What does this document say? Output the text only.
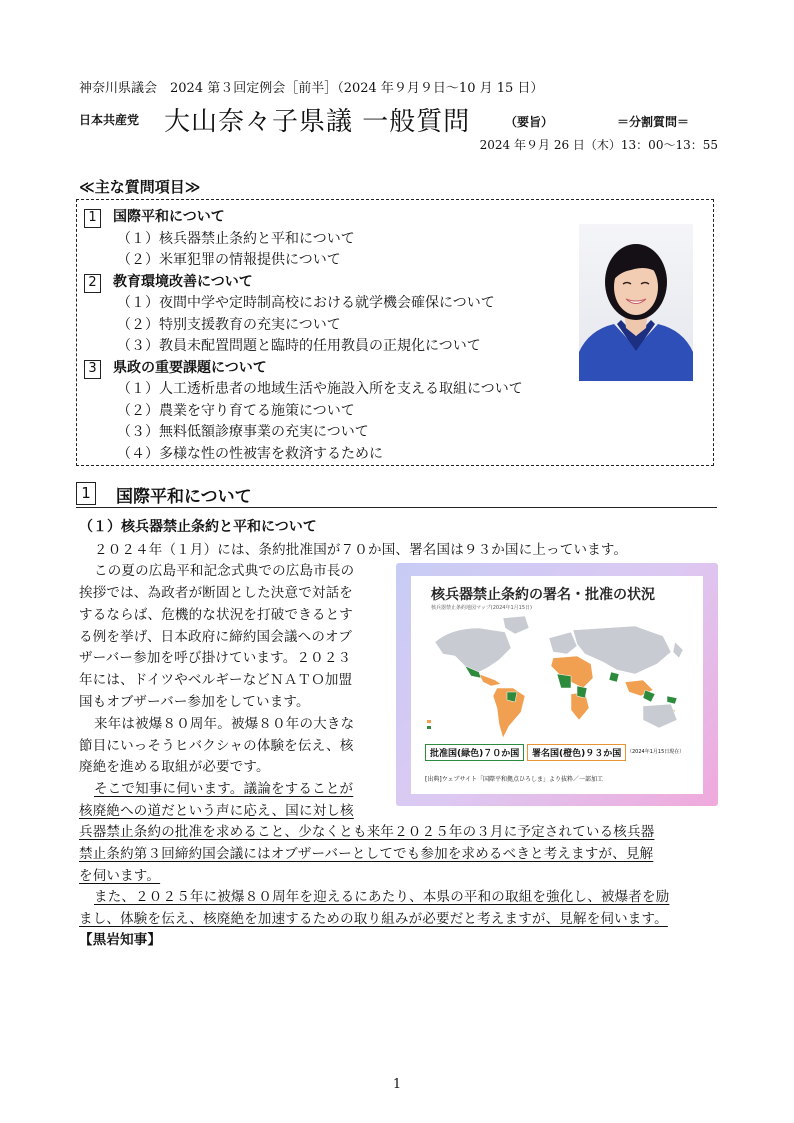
神奈川県議会　2024 第３回定例会［前半］（2024 年９月９日〜10 月 15 日）
日本共産党 大山奈々子県議 一般質問	（要旨）	＝分割質問＝
2024 年９月 26 日（木）13：00〜13：55
≪主な質問項目≫
1 国際平和について
（１）核兵器禁止条約と平和について
（２）米軍犯罪の情報提供について
2 教育環境改善について
（１）夜間中学や定時制高校における就学機会確保について
（２）特別支援教育の充実について
（３）教員未配置問題と臨時的任用教員の正規化について
3 県政の重要課題について
（１）人工透析患者の地域生活や施設入所を支える取組について
（２）農業を守り育てる施策について
（３）無料低額診療事業の充実について
（４）多様な性の性被害を救済するために
1	国際平和について
（１）核兵器禁止条約と平和について
２０２４年（１月）には、条約批准国が７０か国、署名国は９３か国に上っています。
この夏の広島平和記念式典での広島市長の
挨拶では、為政者が断固とした決意で対話を
するならば、危機的な状況を打破できるとす
る例を挙げ、日本政府に締約国会議へのオブ
ザーバー参加を呼び掛けています。２０２３
年には、ドイツやベルギーなどＮＡＴＯ加盟
国もオブザーバー参加をしています。
来年は被爆８０周年。被爆８０年の大きな
節目にいっそうヒバクシャの体験を伝え、核
廃絶を進める取組が必要です。
そこで知事に伺います。議論をすることが
核廃絶への道だという声に応え、国に対し核
兵器禁止条約の批准を求めること、少なくとも来年２０２５年の３月に予定されている核兵器
禁止条約第３回締約国会議にはオブザーバーとしてでも参加を求めるべきと考えますが、見解
を伺います。
また、２０２５年に被爆８０周年を迎えるにあたり、本県の平和の取組を強化し、被爆者を励
まし、体験を伝え、核廃絶を加速するための取り組みが必要だと考えますが、見解を伺います。
【黒岩知事】
核兵器禁止条約の署名・批准の状況
核兵器禁止条約地図マップ(2024年1月15日)
批准国(緑色)７０か国	署名国(橙色)９３か国	（2024年1月15日現在）
[出典]ウェブサイト「国際平和拠点ひろしま」より抜粋／一部加工
1
